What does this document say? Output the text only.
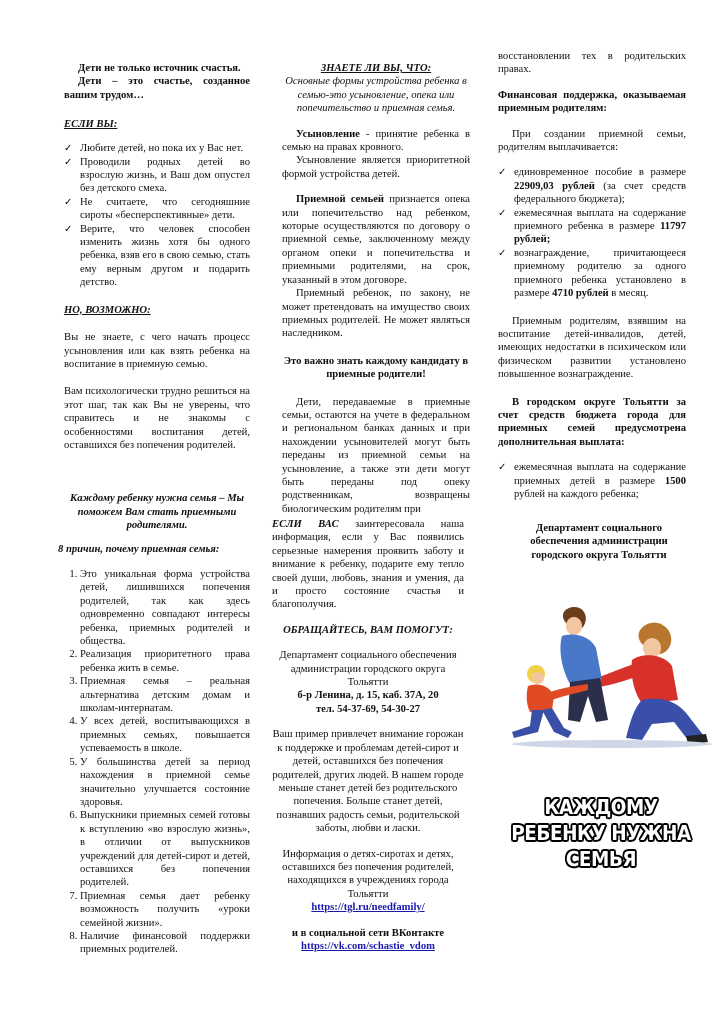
Дети не только источник счастья.

Дети – это счастье, созданное вашим трудом…

ЕСЛИ ВЫ:

✓ Любите детей, но пока их у Вас нет.
✓ Проводили родных детей во взрослую жизнь, и Ваш дом опустел без детского смеха.
✓ Не считаете, что сегодняшние сироты «бесперспективные» дети.
✓ Верите, что человек способен изменить жизнь хотя бы одного ребенка, взяв его в свою семью, стать ему верным другом и подарить детство.

НО, ВОЗМОЖНО:

Вы не знаете, с чего начать процесс усыновления или как взять ребенка на воспитание в приемную семью.

Вам психологически трудно решиться на этот шаг, так как Вы не уверены, что справитесь и не знакомы с особенностями воспитания детей, оставшихся без попечения родителей.

Каждому ребенку нужна семья – Мы поможем Вам стать приемными родителями.

ЗНАЕТЕ ЛИ ВЫ, ЧТО:

Основные формы устройства ребенка в семью-это усыновление, опека или попечительство и приемная семья.

Усыновление - принятие ребенка в семью на правах кровного.

Усыновление является приоритетной формой устройства детей.

Приемной семьей признается опека или попечительство над ребенком, которые осуществляются по договору о приемной семье, заключенному между органом опеки и попечительства и приемными родителями, на срок, указанный в этом договоре.

Приемный ребенок, по закону, не может претендовать на имущество своих приемных родителей. Не может являться наследником.

Это важно знать каждому кандидату в приемные родители!

Дети, передаваемые в приемные семьи, остаются на учете в федеральном и региональном банках данных и при нахождении усыновителей могут быть переданы из приемной семьи на усыновление, а также эти дети могут быть переданы под опеку родственникам, возвращены биологическим родителям при

восстановлении тех в родительских правах.

Финансовая поддержка, оказываемая приемным родителям:

При создании приемной семьи, родителям выплачивается:

✓ единовременное пособие в размере 22909,03 рублей (за счет средств федерального бюджета);
✓ ежемесячная выплата на содержание приемного ребенка в размере 11797 рублей;
✓ вознаграждение, причитающееся приемному родителю за одного приемного ребенка установлено в размере 4710 рублей в месяц.

Приемным родителям, взявшим на воспитание детей-инвалидов, детей, имеющих недостатки в психическом или физическом развитии установлено повышенное вознаграждение.

В городском округе Тольятти за счет средств бюджета города для приемных семей предусмотрена дополнительная выплата:

✓ ежемесячная выплата на содержание приемных детей в размере 1500 рублей на каждого ребенка;

8 причин, почему приемная семья:

1. Это уникальная форма устройства детей, лишившихся попечения родителей, так как здесь одновременно совпадают интересы ребенка, приемных родителей и общества.
2. Реализация приоритетного права ребенка жить в семье.
3. Приемная семья – реальная альтернатива детским домам и школам-интернатам.
4. У всех детей, воспитывающихся в приемных семьях, повышается успеваемость в школе.
5. У большинства детей за период нахождения в приемной семье значительно улучшается состояние здоровья.
6. Выпускники приемных семей готовы к вступлению «во взрослую жизнь», в отличии от выпускников учреждений для детей-сирот и детей, оставшихся без попечения родителей.
7. Приемная семья дает ребенку возможность получить «уроки семейной жизни».
8. Наличие финансовой поддержки приемных родителей.

ЕСЛИ ВАС заинтересовала наша информация, если у Вас появились серьезные намерения проявить заботу и внимание к ребенку, подарите ему тепло своей души, любовь, знания и умения, да и просто состояние счастья и благополучия.

ОБРАЩАЙТЕСЬ, ВАМ ПОМОГУТ:

Департамент социального обеспечения администрации городского округа Тольятти

б-р Ленина, д. 15, каб. 37А, 20

тел. 54-37-69, 54-30-27

Ваш пример привлечет внимание горожан к поддержке и проблемам детей-сирот и детей, оставшихся без попечения родителей, других людей. В нашем городе меньше станет детей без родительского попечения. Больше станет детей, познавших радость семьи, родительской заботы, любви и ласки.

Информация о детях-сиротах и детях, оставшихся без попечения родителей, находящихся в учреждениях города Тольятти

https://tgl.ru/needfamily/

и в социальной сети ВКонтакте

https://vk.com/schastie_vdom

Департамент социального обеспечения администрации городского округа Тольятти

КАЖДОМУ РЕБЕНКУ НУЖНА СЕМЬЯ
